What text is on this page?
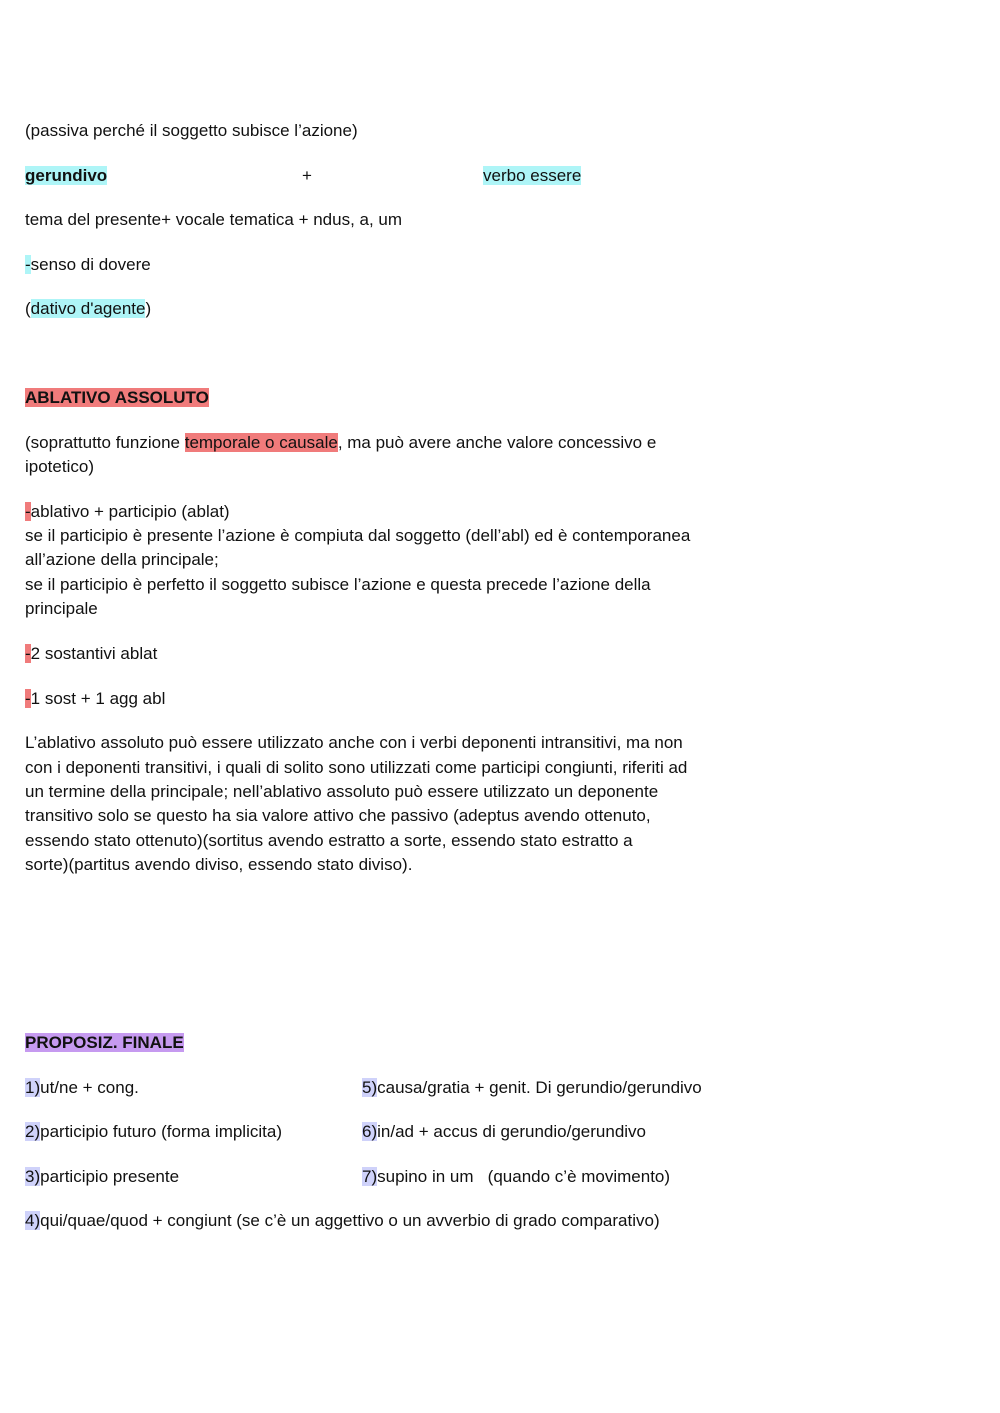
(passiva perché il soggetto subisce l’azione)
gerundivo	+	verbo essere
tema del presente+ vocale tematica + ndus, a, um
-senso di dovere
(dativo d'agente)
ABLATIVO ASSOLUTO
(soprattutto funzione temporale o causale, ma può avere anche valore concessivo e
ipotetico)
-ablativo + participio (ablat)
se il participio è presente l’azione è compiuta dal soggetto (dell’abl) ed è contemporanea
all’azione della principale;
se il participio è perfetto il soggetto subisce l’azione e questa precede l’azione della
principale
-2 sostantivi ablat
-1 sost + 1 agg abl
L’ablativo assoluto può essere utilizzato anche con i verbi deponenti intransitivi, ma non
con i deponenti transitivi, i quali di solito sono utilizzati come participi congiunti, riferiti ad
un termine della principale; nell’ablativo assoluto può essere utilizzato un deponente
transitivo solo se questo ha sia valore attivo che passivo (adeptus avendo ottenuto,
essendo stato ottenuto)(sortitus avendo estratto a sorte, essendo stato estratto a
sorte)(partitus avendo diviso, essendo stato diviso).
PROPOSIZ. FINALE
1)ut/ne + cong.
2)participio futuro (forma implicita)
3)participio presente
4)qui/quae/quod + congiunt (se c’è un aggettivo o un avverbio di grado comparativo)
5)causa/gratia + genit. Di gerundio/gerundivo
6)in/ad + accus di gerundio/gerundivo
7)supino in um   (quando c’è movimento)
